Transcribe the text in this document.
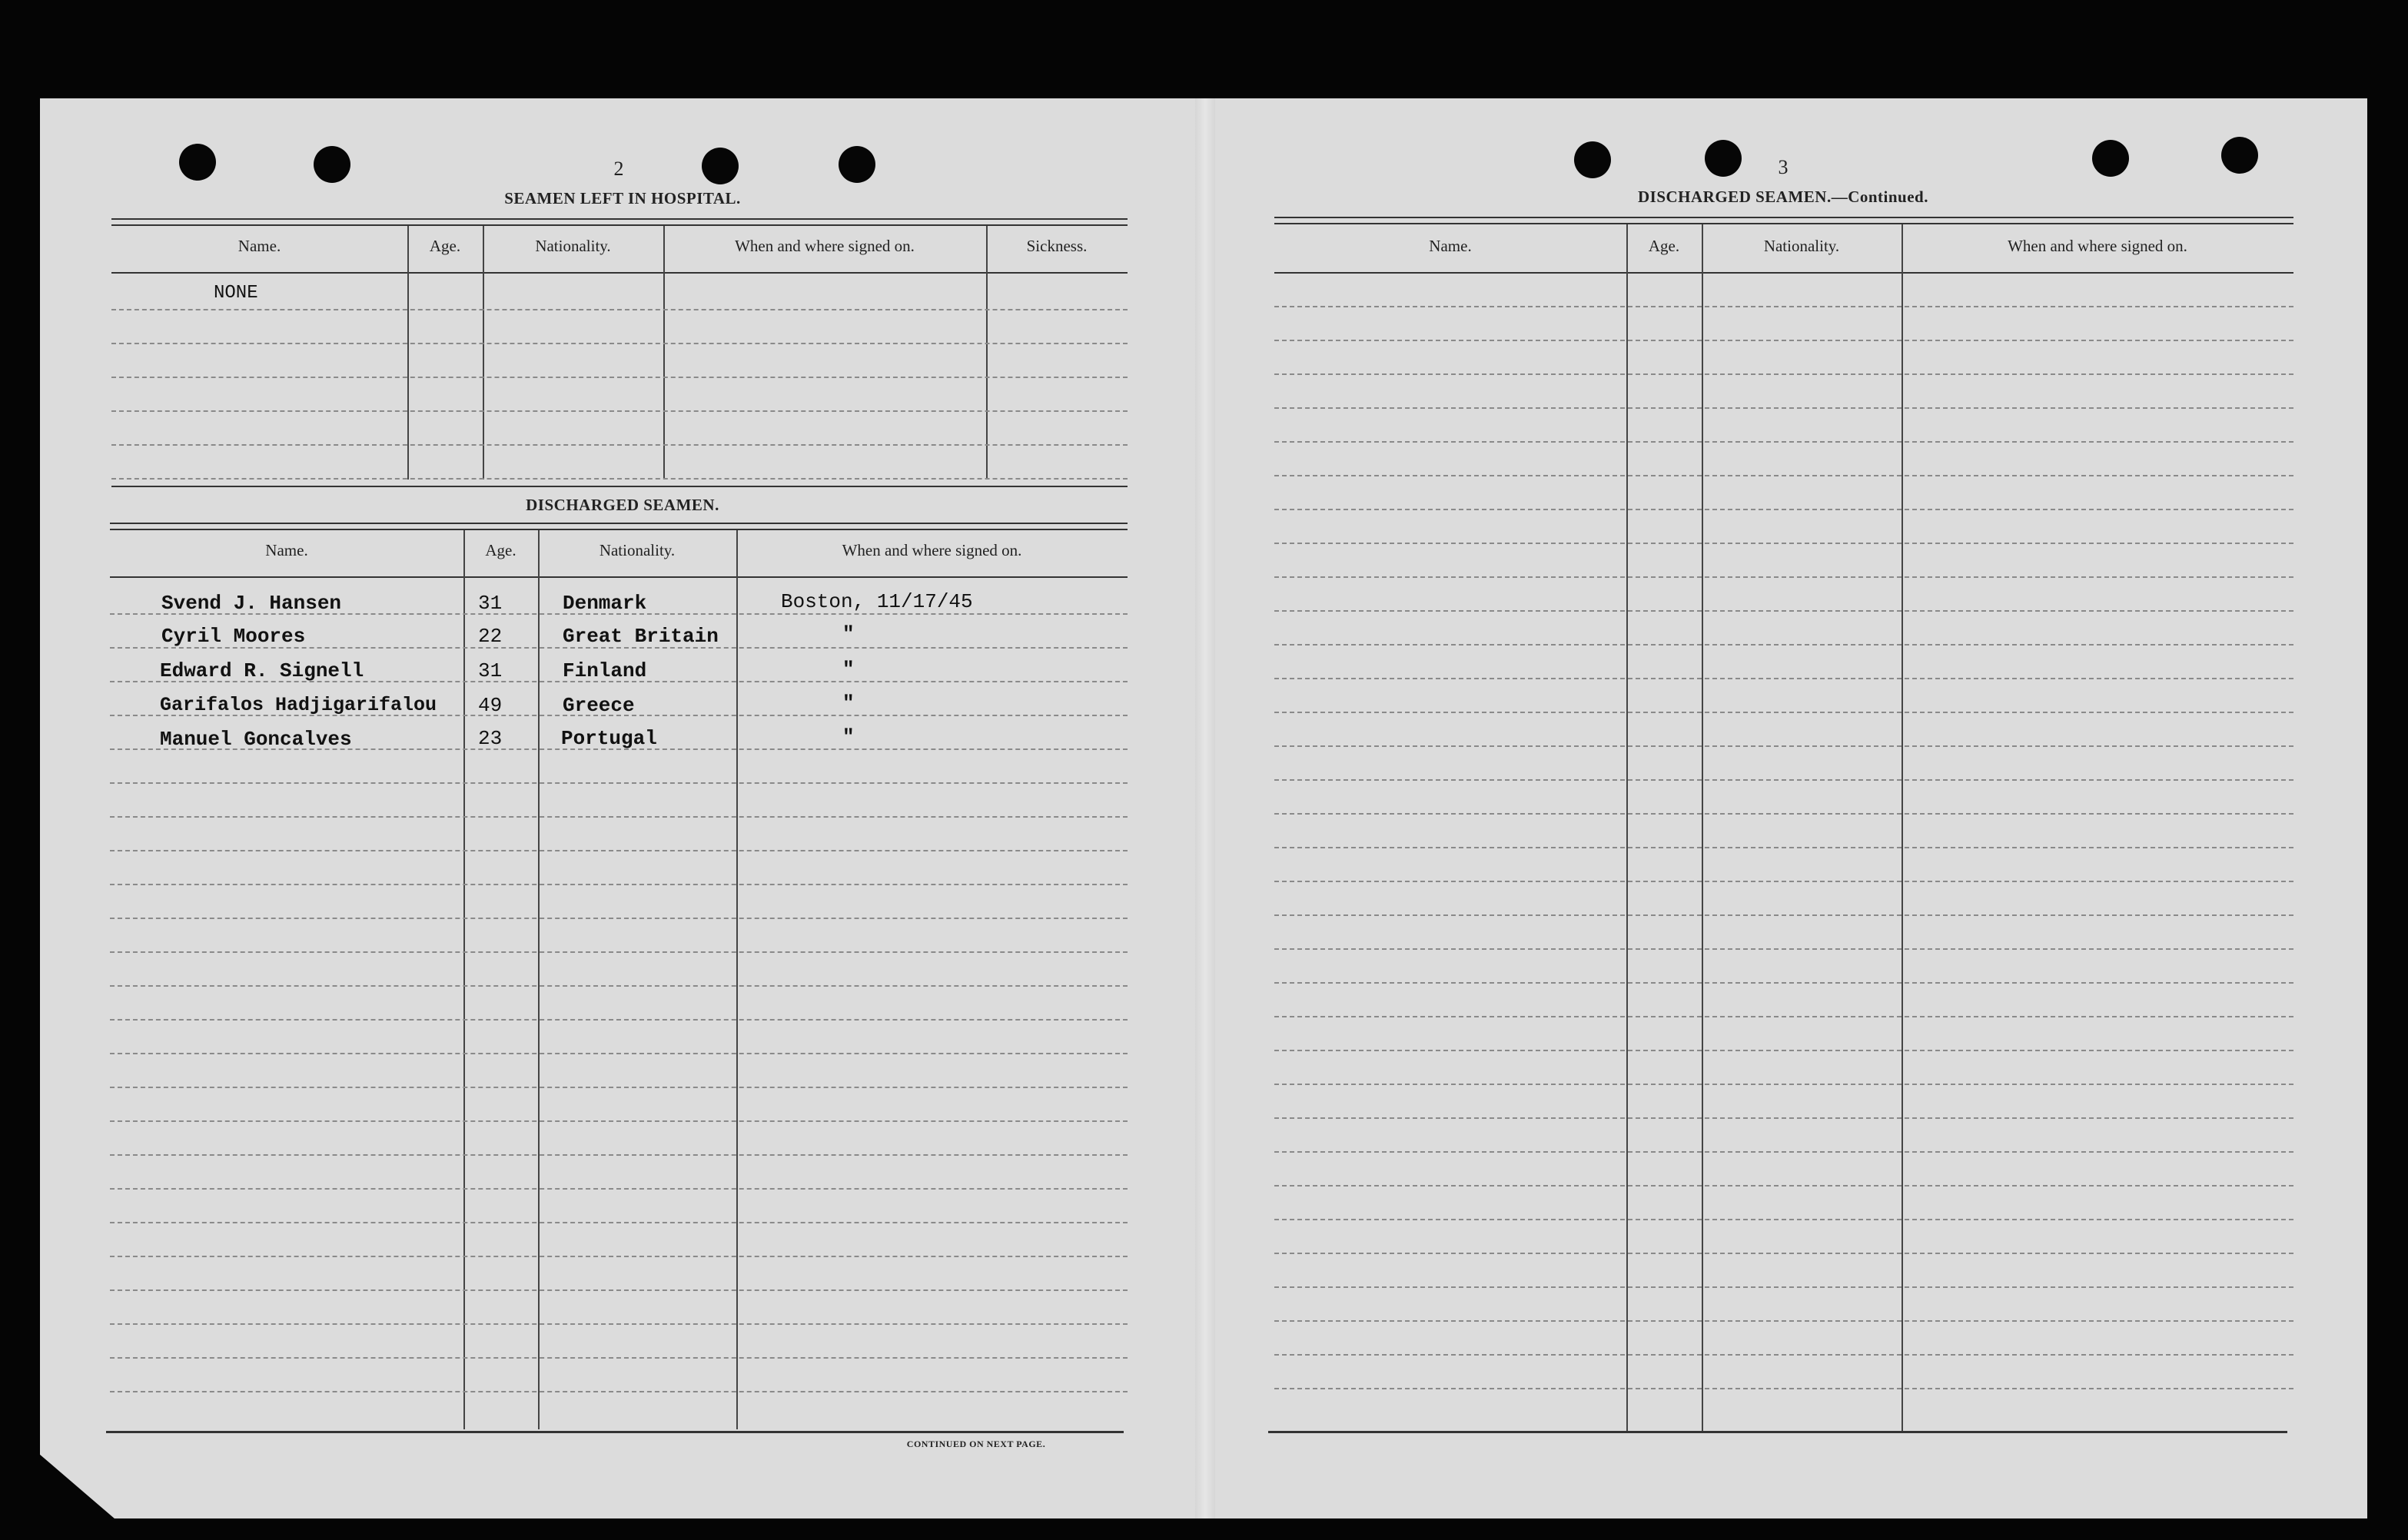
2
SEAMEN LEFT IN HOSPITAL.
Name.	Age.	Nationality.	When and where signed on.	Sickness.
NONE
DISCHARGED SEAMEN.
Name.	Age.	Nationality.	When and where signed on.
Svend J. Hansen	31	Denmark	Boston, 11/17/45
Cyril Moores	22	Great Britain	"
Edward R. Signell	31	Finland	"
Garifalos Hadjigarifalou 49	Greece	"
Manuel Goncalves	23	Portugal	"
CONTINUED ON NEXT PAGE.
3
DISCHARGED SEAMEN.—Continued.
Name.	Age.	Nationality.	When and where signed on.
